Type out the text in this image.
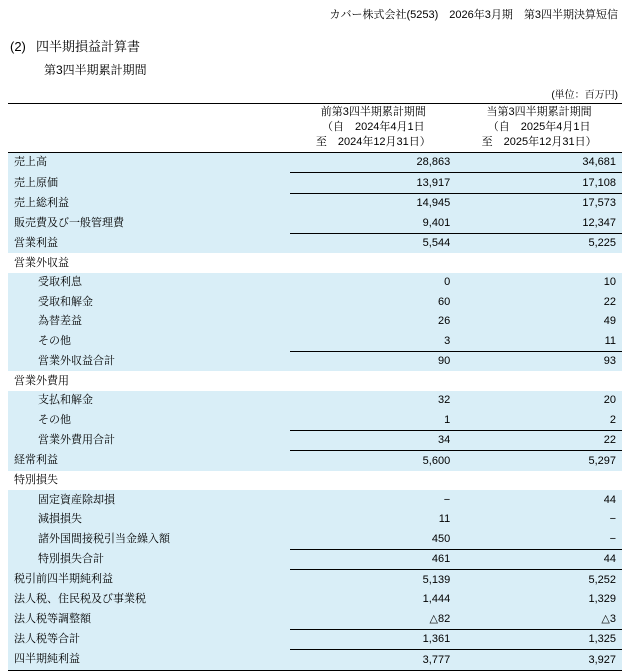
カバー株式会社(5253)　2026年3月期　第3四半期決算短信
(2) 四半期損益計算書
第3四半期累計期間
(単位：百万円)

	前第3四半期累計期間
（自　2024年4月1日
至　2024年12月31日）	当第3四半期累計期間
（自　2025年4月1日
至　2025年12月31日）

売上高	28,863	34,681
売上原価	13,917	17,108
売上総利益	14,945	17,573
販売費及び一般管理費	9,401	12,347
営業利益	5,544	5,225
営業外収益		
受取利息	0	10
受取和解金	60	22
為替差益	26	49
その他	3	11
営業外収益合計	90	93
営業外費用		
支払和解金	32	20
その他	1	2
営業外費用合計	34	22
経常利益	5,600	5,297
特別損失		
固定資産除却損	−	44
減損損失	11	−
諸外国間接税引当金繰入額	450	−
特別損失合計	461	44
税引前四半期純利益	5,139	5,252
法人税、住民税及び事業税	1,444	1,329
法人税等調整額	△82	△3
法人税等合計	1,361	1,325
四半期純利益	3,777	3,927
